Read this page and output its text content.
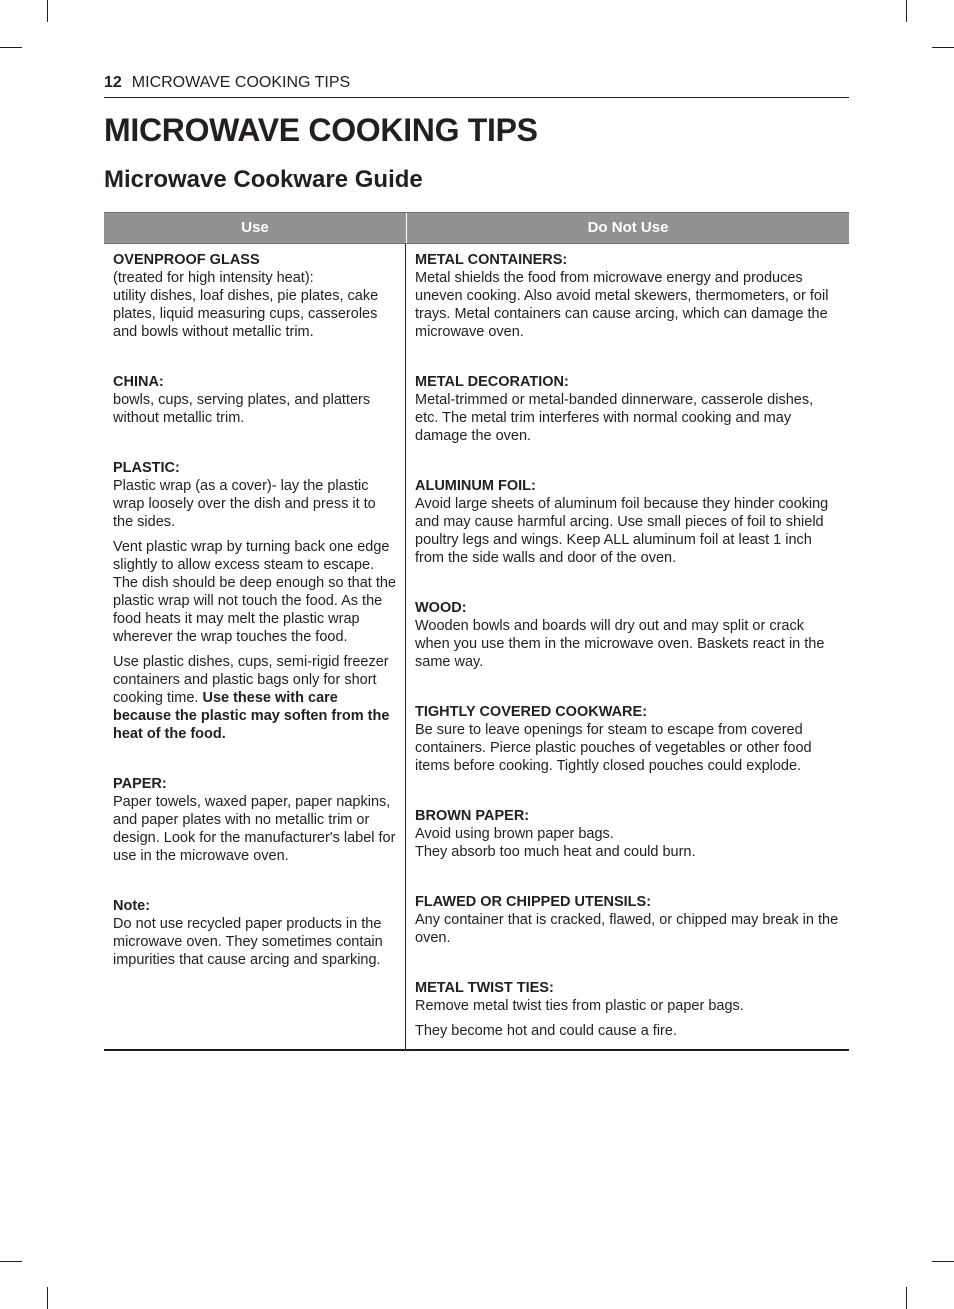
12 MICROWAVE COOKING TIPS
MICROWAVE COOKING TIPS
Microwave Cookware Guide
Use	Do Not Use

OVENPROOF GLASS
(treated for high intensity heat):
utility dishes, loaf dishes, pie plates, cake plates, liquid measuring cups, casseroles and bowls without metallic trim.

CHINA:
bowls, cups, serving plates, and platters without metallic trim.

PLASTIC:
Plastic wrap (as a cover)- lay the plastic wrap loosely over the dish and press it to the sides.

Vent plastic wrap by turning back one edge slightly to allow excess steam to escape. The dish should be deep enough so that the plastic wrap will not touch the food. As the food heats it may melt the plastic wrap wherever the wrap touches the food.

Use plastic dishes, cups, semi-rigid freezer containers and plastic bags only for short cooking time. Use these with care because the plastic may soften from the heat of the food.

PAPER:
Paper towels, waxed paper, paper napkins, and paper plates with no metallic trim or design. Look for the manufacturer's label for use in the microwave oven.

Note:
Do not use recycled paper products in the microwave oven. They sometimes contain impurities that cause arcing and sparking.

METAL CONTAINERS:
Metal shields the food from microwave energy and produces uneven cooking. Also avoid metal skewers, thermometers, or foil trays. Metal containers can cause arcing, which can damage the microwave oven.

METAL DECORATION:
Metal-trimmed or metal-banded dinnerware, casserole dishes, etc. The metal trim interferes with normal cooking and may damage the oven.

ALUMINUM FOIL:
Avoid large sheets of aluminum foil because they hinder cooking and may cause harmful arcing. Use small pieces of foil to shield poultry legs and wings. Keep ALL aluminum foil at least 1 inch from the side walls and door of the oven.

WOOD:
Wooden bowls and boards will dry out and may split or crack when you use them in the microwave oven. Baskets react in the same way.

TIGHTLY COVERED COOKWARE:
Be sure to leave openings for steam to escape from covered containers. Pierce plastic pouches of vegetables or other food items before cooking. Tightly closed pouches could explode.

BROWN PAPER:
Avoid using brown paper bags.
They absorb too much heat and could burn.

FLAWED OR CHIPPED UTENSILS:
Any container that is cracked, flawed, or chipped may break in the oven.

METAL TWIST TIES:
Remove metal twist ties from plastic or paper bags.

They become hot and could cause a fire.
